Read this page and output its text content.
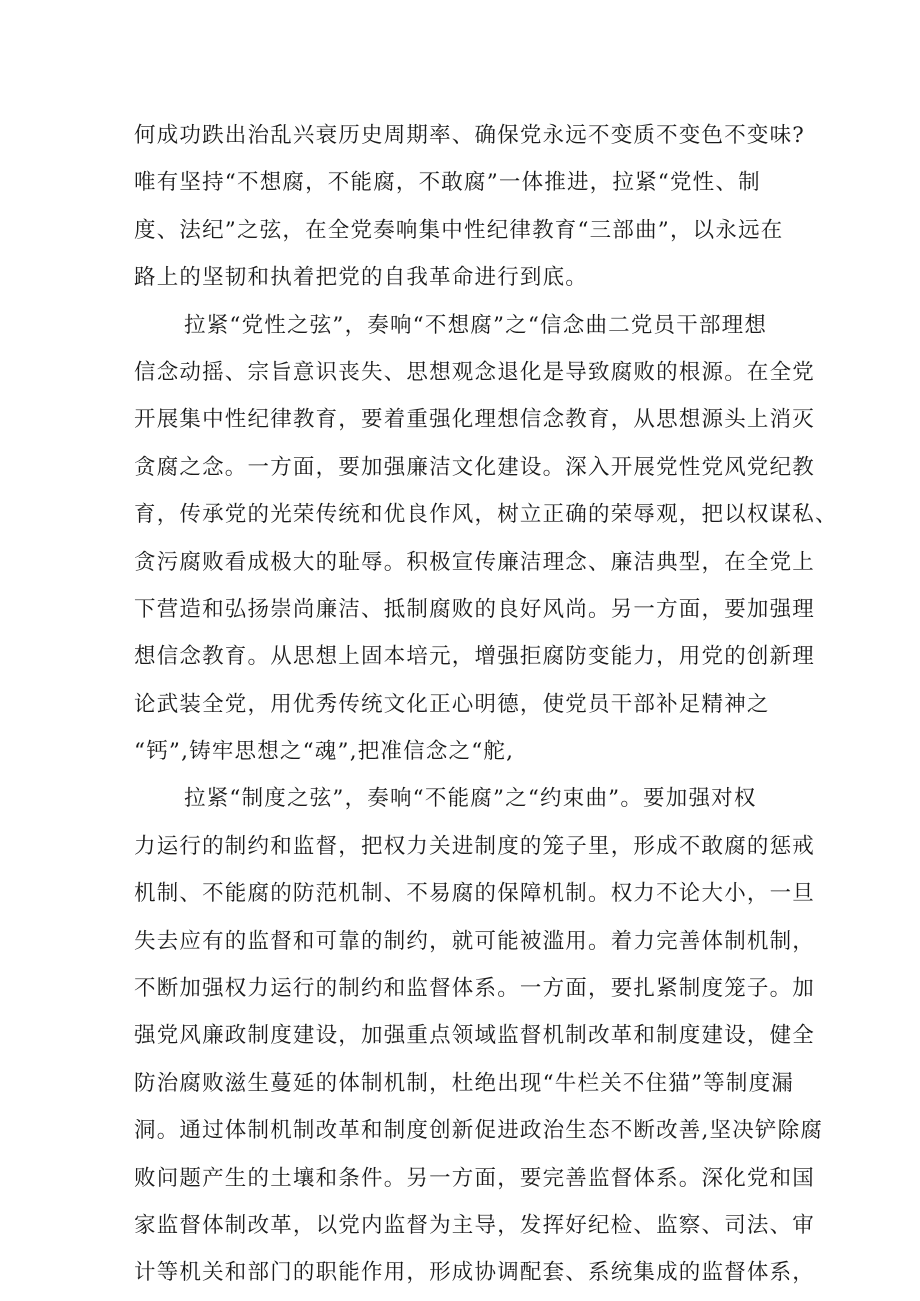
何成功跌出治乱兴衰历史周期率、确保党永远不变质不变色不变味?
唯有坚持“不想腐，不能腐，不敢腐”一体推进，拉紧“党性、制
度、法纪”之弦，在全党奏响集中性纪律教育“三部曲”，以永远在
路上的坚韧和执着把党的自我革命进行到底。
拉紧“党性之弦”，奏响“不想腐”之“信念曲二党员干部理想
信念动摇、宗旨意识丧失、思想观念退化是导致腐败的根源。在全党
开展集中性纪律教育，要着重强化理想信念教育，从思想源头上消灭
贪腐之念。一方面，要加强廉洁文化建设。深入开展党性党风党纪教
育，传承党的光荣传统和优良作风，树立正确的荣辱观，把以权谋私、
贪污腐败看成极大的耻辱。积极宣传廉洁理念、廉洁典型，在全党上
下营造和弘扬崇尚廉洁、抵制腐败的良好风尚。另一方面，要加强理
想信念教育。从思想上固本培元，增强拒腐防变能力，用党的创新理
论武装全党，用优秀传统文化正心明德，使党员干部补足精神之
“钙”,铸牢思想之“魂”,把准信念之“舵,
拉紧“制度之弦”，奏响“不能腐”之“约束曲”。要加强对权
力运行的制约和监督，把权力关进制度的笼子里，形成不敢腐的惩戒
机制、不能腐的防范机制、不易腐的保障机制。权力不论大小，一旦
失去应有的监督和可靠的制约，就可能被滥用。着力完善体制机制，
不断加强权力运行的制约和监督体系。一方面，要扎紧制度笼子。加
强党风廉政制度建设，加强重点领域监督机制改革和制度建设，健全
防治腐败滋生蔓延的体制机制，杜绝出现“牛栏关不住猫”等制度漏
洞。通过体制机制改革和制度创新促进政治生态不断改善,坚决铲除腐
败问题产生的土壤和条件。另一方面，要完善监督体系。深化党和国
家监督体制改革，以党内监督为主导，发挥好纪检、监察、司法、审
计等机关和部门的职能作用，形成协调配套、系统集成的监督体系，
